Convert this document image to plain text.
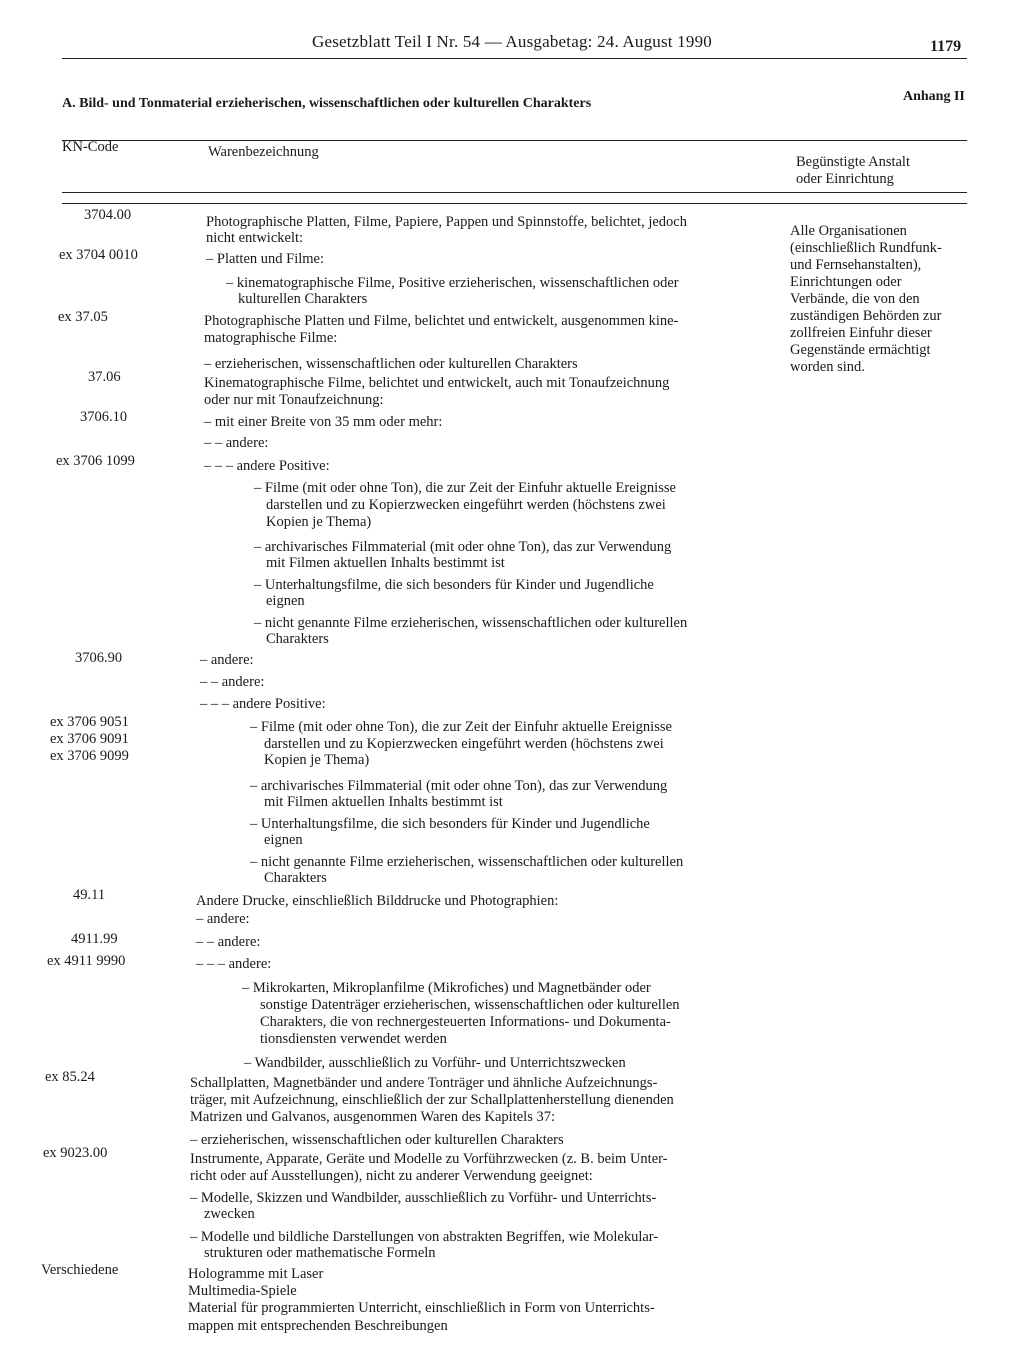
Gesetzblatt Teil I Nr. 54 — Ausgabetag: 24. August 1990	1179
Anhang II
A. Bild- und Tonmaterial erzieherischen, wissenschaftlichen oder kulturellen Charakters
KN-Code	Warenbezeichnung
Begünstigte Anstalt
oder Einrichtung
3704.00
ex 3704 0010
ex 37.05
37.06
3706.10
ex 3706 1099
3706.90
ex 3706 9051
ex 3706 9091
ex 3706 9099
49.11
4911.99
ex 4911 9990
ex 85.24
ex 9023.00
Verschiedene
Photographische Platten, Filme, Papiere, Pappen und Spinnstoffe, belichtet, jedoch
nicht entwickelt:
– Platten und Filme:
– kinematographische Filme, Positive erzieherischen, wissenschaftlichen oder
kulturellen Charakters
Photographische Platten und Filme, belichtet und entwickelt, ausgenommen kine-
matographische Filme:
– erzieherischen, wissenschaftlichen oder kulturellen Charakters
Kinematographische Filme, belichtet und entwickelt, auch mit Tonaufzeichnung
oder nur mit Tonaufzeichnung:
– mit einer Breite von 35 mm oder mehr:
– – andere:
– – – andere Positive:
– Filme (mit oder ohne Ton), die zur Zeit der Einfuhr aktuelle Ereignisse
darstellen und zu Kopierzwecken eingeführt werden (höchstens zwei
Kopien je Thema)
– archivarisches Filmmaterial (mit oder ohne Ton), das zur Verwendung
mit Filmen aktuellen Inhalts bestimmt ist
– Unterhaltungsfilme, die sich besonders für Kinder und Jugendliche
eignen
– nicht genannte Filme erzieherischen, wissenschaftlichen oder kulturellen
Charakters
– andere:
– – andere:
– – – andere Positive:
– Filme (mit oder ohne Ton), die zur Zeit der Einfuhr aktuelle Ereignisse
darstellen und zu Kopierzwecken eingeführt werden (höchstens zwei
Kopien je Thema)
– archivarisches Filmmaterial (mit oder ohne Ton), das zur Verwendung
mit Filmen aktuellen Inhalts bestimmt ist
– Unterhaltungsfilme, die sich besonders für Kinder und Jugendliche
eignen
– nicht genannte Filme erzieherischen, wissenschaftlichen oder kulturellen
Charakters
Andere Drucke, einschließlich Bilddrucke und Photographien:
– andere:
– – andere:
– – – andere:
– Mikrokarten, Mikroplanfilme (Mikrofiches) und Magnetbänder oder
sonstige Datenträger erzieherischen, wissenschaftlichen oder kulturellen
Charakters, die von rechnergesteuerten Informations- und Dokumenta-
tionsdiensten verwendet werden
– Wandbilder, ausschließlich zu Vorführ- und Unterrichtszwecken
Schallplatten, Magnetbänder und andere Tonträger und ähnliche Aufzeichnungs-
träger, mit Aufzeichnung, einschließlich der zur Schallplattenherstellung dienenden
Matrizen und Galvanos, ausgenommen Waren des Kapitels 37:
– erzieherischen, wissenschaftlichen oder kulturellen Charakters
Instrumente, Apparate, Geräte und Modelle zu Vorführzwecken (z. B. beim Unter-
richt oder auf Ausstellungen), nicht zu anderer Verwendung geeignet:
– Modelle, Skizzen und Wandbilder, ausschließlich zu Vorführ- und Unterrichts-
zwecken
– Modelle und bildliche Darstellungen von abstrakten Begriffen, wie Molekular-
strukturen oder mathematische Formeln
Hologramme mit Laser
Multimedia-Spiele
Material für programmierten Unterricht, einschließlich in Form von Unterrichts-
mappen mit entsprechenden Beschreibungen
Alle Organisationen
(einschließlich Rundfunk-
und Fernsehanstalten),
Einrichtungen oder
Verbände, die von den
zuständigen Behörden zur
zollfreien Einfuhr dieser
Gegenstände ermächtigt
worden sind.
